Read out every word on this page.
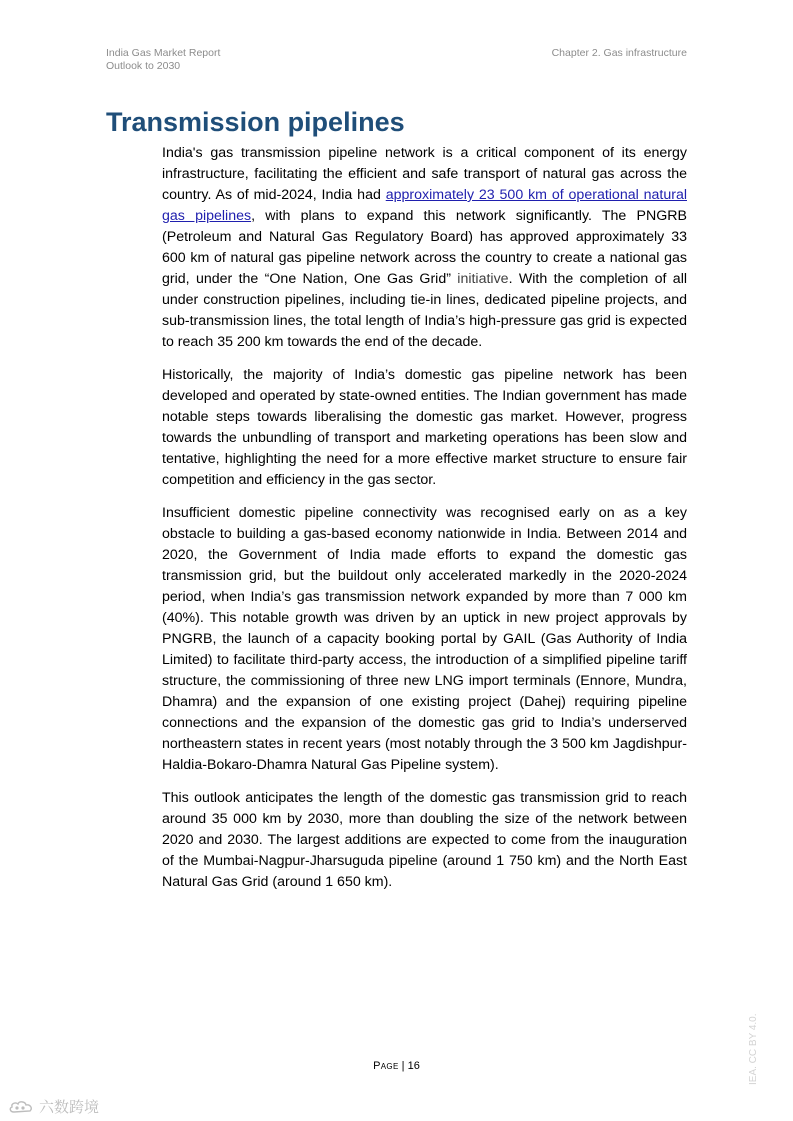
India Gas Market Report
Outlook to 2030
Chapter 2. Gas infrastructure
Transmission pipelines

India's gas transmission pipeline network is a critical component of its energy infrastructure, facilitating the efficient and safe transport of natural gas across the country. As of mid-2024, India had approximately 23 500 km of operational natural gas pipelines, with plans to expand this network significantly. The PNGRB (Petroleum and Natural Gas Regulatory Board) has approved approximately 33 600 km of natural gas pipeline network across the country to create a national gas grid, under the “One Nation, One Gas Grid” initiative. With the completion of all under construction pipelines, including tie-in lines, dedicated pipeline projects, and sub-transmission lines, the total length of India’s high-pressure gas grid is expected to reach 35 200 km towards the end of the decade.

Historically, the majority of India’s domestic gas pipeline network has been developed and operated by state-owned entities. The Indian government has made notable steps towards liberalising the domestic gas market. However, progress towards the unbundling of transport and marketing operations has been slow and tentative, highlighting the need for a more effective market structure to ensure fair competition and efficiency in the gas sector.

Insufficient domestic pipeline connectivity was recognised early on as a key obstacle to building a gas-based economy nationwide in India. Between 2014 and 2020, the Government of India made efforts to expand the domestic gas transmission grid, but the buildout only accelerated markedly in the 2020-2024 period, when India’s gas transmission network expanded by more than 7 000 km (40%). This notable growth was driven by an uptick in new project approvals by PNGRB, the launch of a capacity booking portal by GAIL (Gas Authority of India Limited) to facilitate third-party access, the introduction of a simplified pipeline tariff structure, the commissioning of three new LNG import terminals (Ennore, Mundra, Dhamra) and the expansion of one existing project (Dahej) requiring pipeline connections and the expansion of the domestic gas grid to India’s underserved northeastern states in recent years (most notably through the 3 500 km Jagdishpur-Haldia-Bokaro-Dhamra Natural Gas Pipeline system).

This outlook anticipates the length of the domestic gas transmission grid to reach around 35 000 km by 2030, more than doubling the size of the network between 2020 and 2030. The largest additions are expected to come from the inauguration of the Mumbai-Nagpur-Jharsuguda pipeline (around 1 750 km) and the North East Natural Gas Grid (around 1 650 km).

Page | 16	IEA. CC BY 4.0.
六数跨境
